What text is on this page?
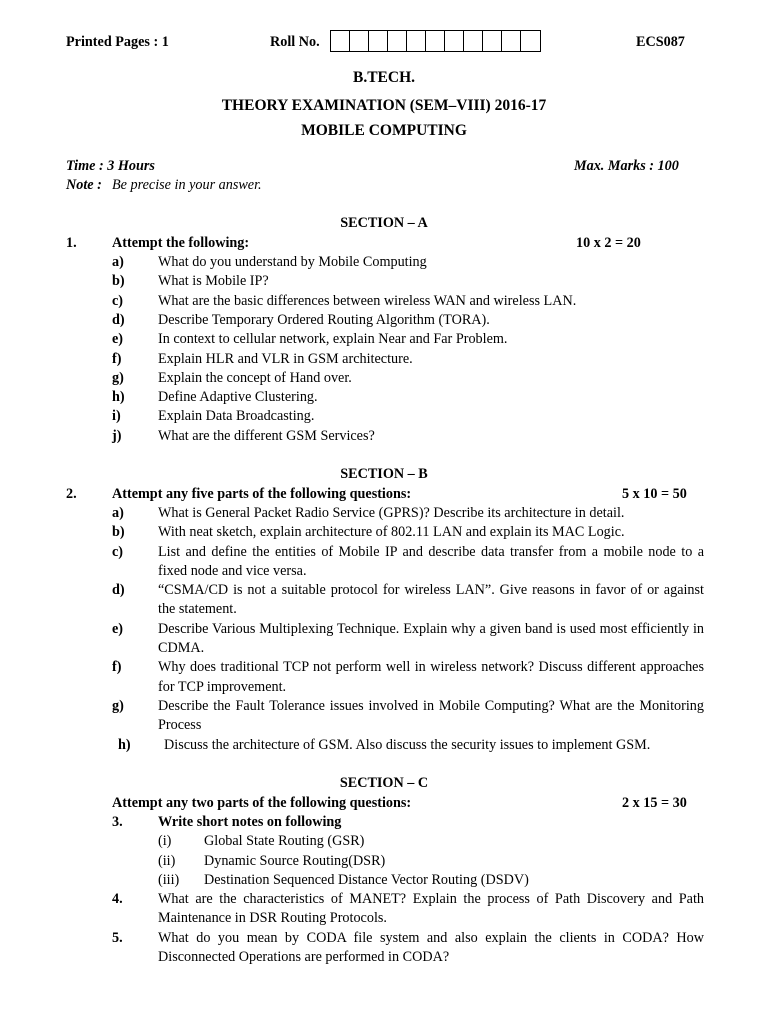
Printed Pages : 1	Roll No.	ECS087
B.TECH.
THEORY EXAMINATION (SEM–VIII) 2016-17
MOBILE COMPUTING
Time : 3 Hours	Max. Marks : 100
Note : Be precise in your answer.
SECTION – A
1. Attempt the following:	10 x 2 = 20
a) What do you understand by Mobile Computing
b) What is Mobile IP?
c) What are the basic differences between wireless WAN and wireless LAN.
d) Describe Temporary Ordered Routing Algorithm (TORA).
e) In context to cellular network, explain Near and Far Problem.
f)	Explain HLR and VLR in GSM architecture.
g) Explain the concept of Hand over.
h) Define Adaptive Clustering.
i)	Explain Data Broadcasting.
j)	What are the different GSM Services?
SECTION – B
2. Attempt any five parts of the following questions:	5 x 10 = 50
a) What is General Packet Radio Service (GPRS)? Describe its architecture in detail.
b) With neat sketch, explain architecture of 802.11 LAN and explain its MAC Logic.
c) List and define the entities of Mobile IP and describe data transfer from a mobile node to a fixed node and vice versa.
d) “CSMA/CD is not a suitable protocol for wireless LAN”. Give reasons in favor of or against the statement.
e) Describe Various Multiplexing Technique. Explain why a given band is used most efficiently in CDMA.
f)	Why does traditional TCP not perform well in wireless network? Discuss different approaches for TCP improvement.
g) Describe the Fault Tolerance issues involved in Mobile Computing? What are the Monitoring Process
h) Discuss the architecture of GSM. Also discuss the security issues to implement GSM.
SECTION – C
Attempt any two parts of the following questions:	2 x 15 = 30
3. Write short notes on following
(i) Global State Routing (GSR)
(ii) Dynamic Source Routing(DSR)
(iii) Destination Sequenced Distance Vector Routing (DSDV)
4. What are the characteristics of MANET? Explain the process of Path Discovery and Path Maintenance in DSR Routing Protocols.
5. What do you mean by CODA file system and also explain the clients in CODA? How Disconnected Operations are performed in CODA?
